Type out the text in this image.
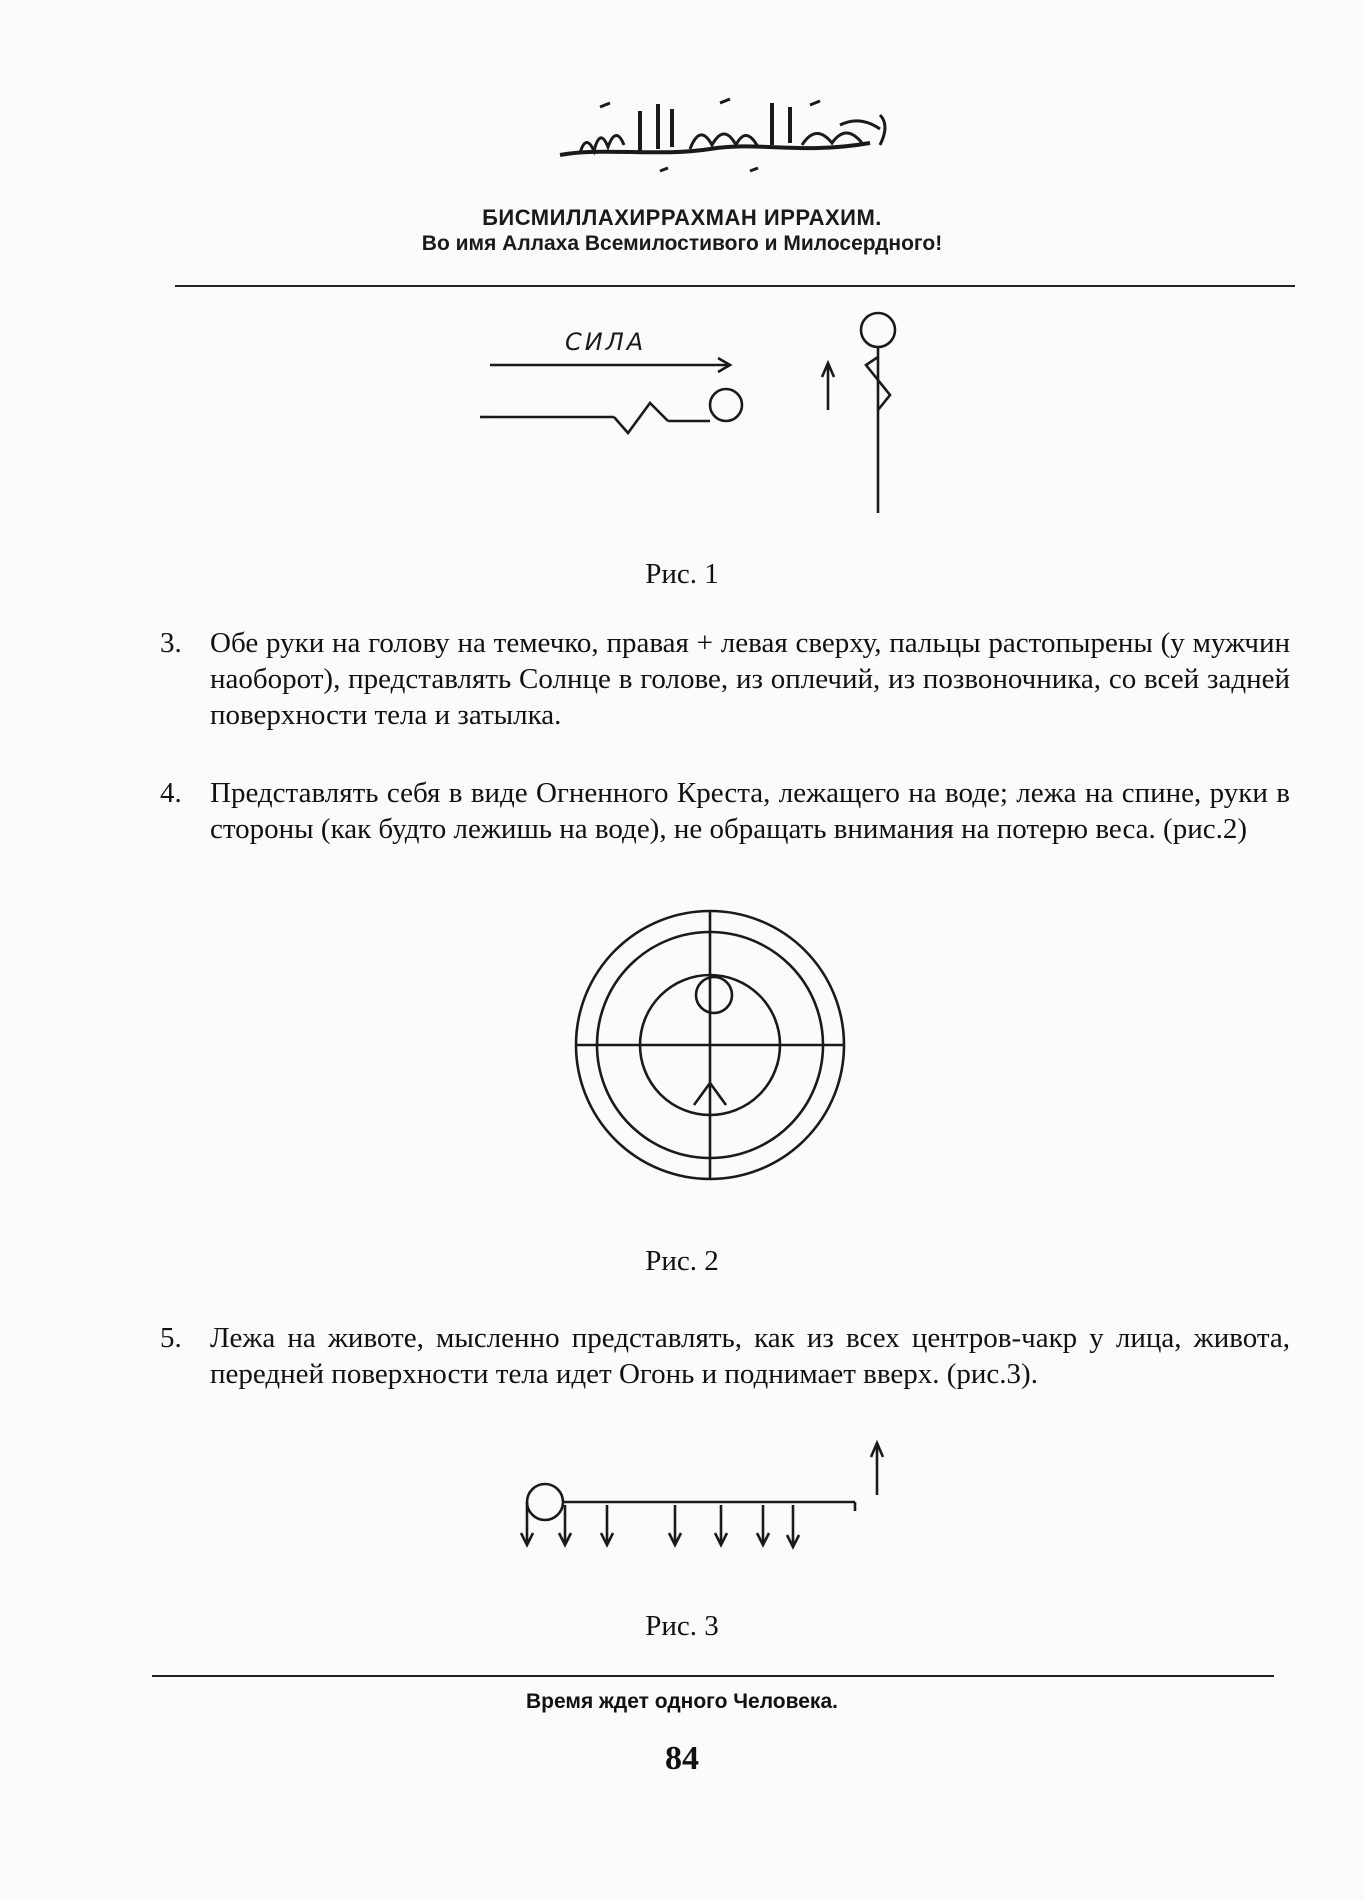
БИСМИЛЛАХИРРАХМАН ИРРАХИМ.
Во имя Аллаха Всемилостивого и Милосердного!
СИЛА
Рис. 1
3. Обе руки на голову на темечко, правая + левая сверху, пальцы растопырены (у мужчин наоборот), представлять Солнце в голове, из оплечий, из позвоночника, со всей задней поверхности тела и затылка.
4. Представлять себя в виде Огненного Креста, лежащего на воде; лежа на спине, руки в стороны (как будто лежишь на воде), не обращать внимания на потерю веса. (рис.2)
Рис. 2
5. Лежа на животе, мысленно представлять, как из всех центров-чакр у лица, живота, передней поверхности тела идет Огонь и поднимает вверх. (рис.3).
Рис. 3
Время ждет одного Человека.
84
